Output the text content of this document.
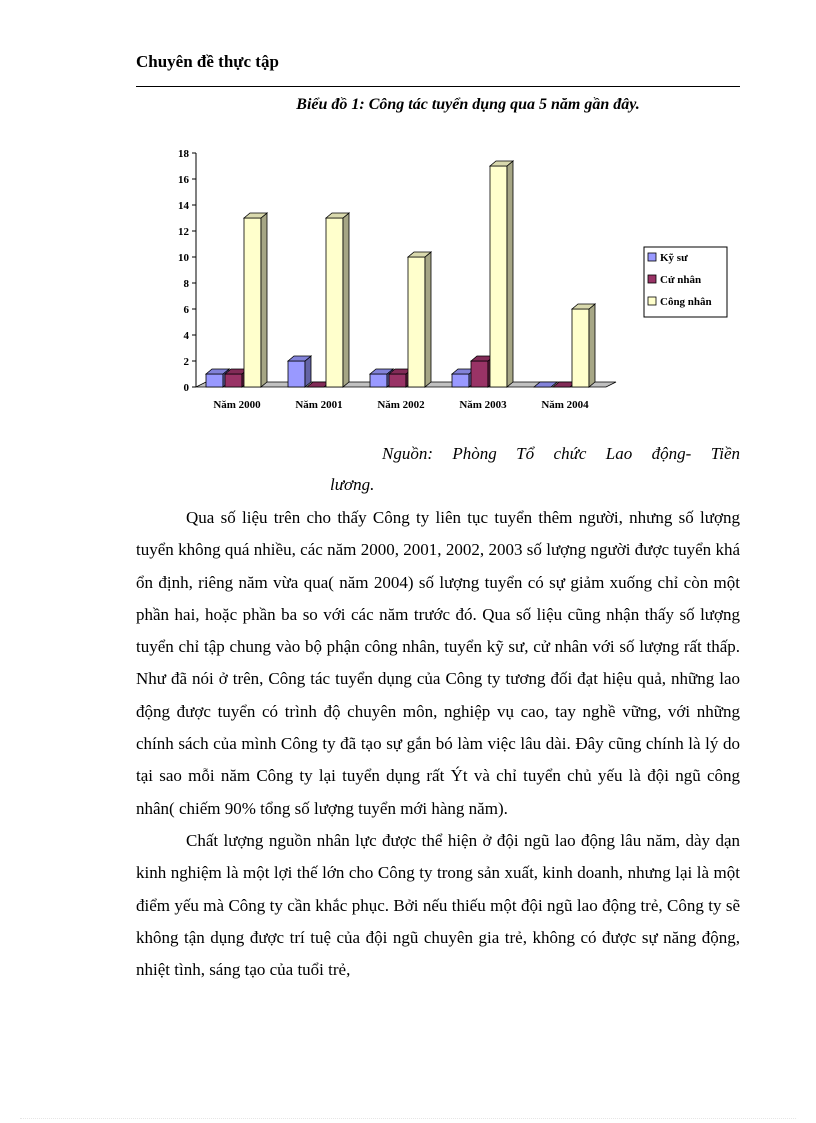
Chuyên đề thực tập
Biểu đồ 1: Công tác tuyển dụng qua 5 năm gần đây.
0
2
4
6
8
10
12
14
16
18
Năm 2000	Năm 2001	Năm 2002	Năm 2003	Năm 2004
Kỹ sư
Cử nhân
Công nhân
Nguồn: Phòng Tổ chức Lao động- Tiền
lương.

Qua số liệu trên cho thấy Công ty liên tục tuyển thêm người, nhưng số lượng tuyển không quá nhiều, các năm 2000, 2001, 2002, 2003 số lượng người được tuyển khá ổn định, riêng năm vừa qua( năm 2004) số lượng tuyển có sự giảm xuống chỉ còn một phần hai, hoặc phần ba so với các năm trước đó. Qua số liệu cũng nhận thấy số lượng tuyển chỉ tập chung vào bộ phận công nhân, tuyển kỹ sư, cử nhân với số lượng rất thấp. Như đã nói ở trên, Công tác tuyển dụng của Công ty tương đối đạt hiệu quả, những lao động được tuyển có trình độ chuyên môn, nghiệp vụ cao, tay nghề vững, với những chính sách của mình Công ty đã tạo sự gắn bó làm việc lâu dài. Đây cũng chính là lý do tại sao mỗi năm Công ty lại tuyển dụng rất Ýt và chỉ tuyển chủ yếu là đội ngũ công nhân( chiếm 90% tổng số lượng tuyển mới hàng năm).

Chất lượng nguồn nhân lực được thể hiện ở đội ngũ lao động lâu năm, dày dạn kinh nghiệm là một lợi thế lớn cho Công ty trong sản xuất, kinh doanh, nhưng lại là một điểm yếu mà Công ty cần khắc phục. Bởi nếu thiếu một đội ngũ lao động trẻ, Công ty sẽ không tận dụng được trí tuệ của đội ngũ chuyên gia trẻ, không có được sự năng động, nhiệt tình, sáng tạo của tuổi trẻ,
